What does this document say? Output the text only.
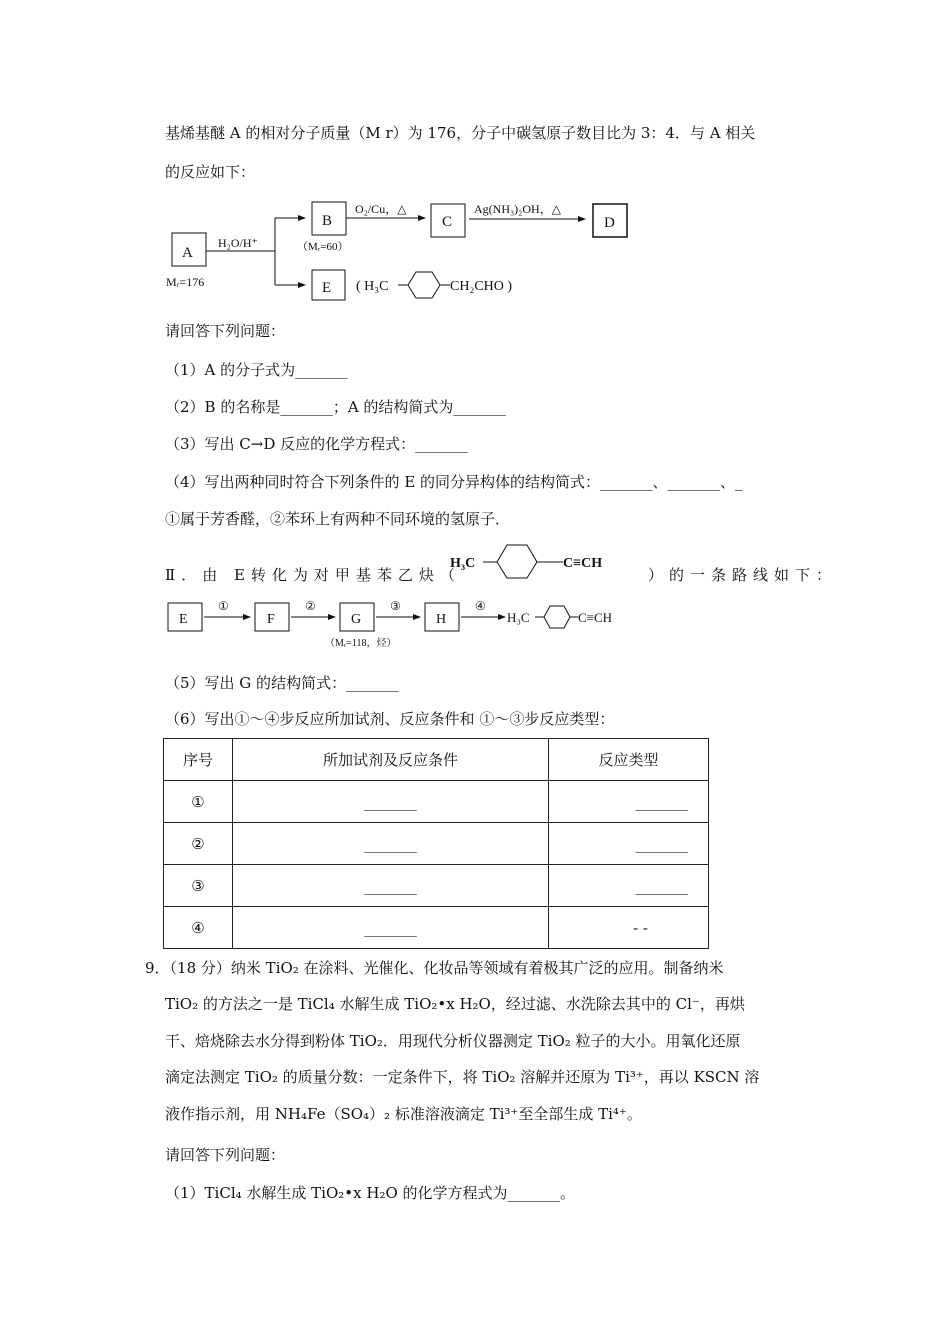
基烯基醚 A 的相对分子质量（M r）为 176，分子中碳氢原子数目比为 3：4．与 A 相关
的反应如下：
A
Mᵣ=176
H₂O/H⁺
B
（Mᵣ=60）
O₂/Cu，△
C
Ag(NH₃)₂OH，△
D
E ( H₃C	CH₂CHO )
请回答下列问题：
（1）A 的分子式为_______
（2）B 的名称是_______；A 的结构简式为_______
（3）写出 C→D 反应的化学方程式：_______
（4）写出两种同时符合下列条件的 E 的同分异构体的结构简式：_______、_______、_
①属于芳香醛，②苯环上有两种不同环境的氢原子．
Ⅱ．由 E转化为对甲基苯乙炔（	）的一条路线如下：
H₃C	C≡CH
E
①
F
②
G
（Mᵣ=118，烃）
③
H
④
H₃C	C≡CH
（5）写出 G 的结构简式：_______
（6）写出①～④步反应所加试剂、反应条件和 ①～③步反应类型：
序号	所加试剂及反应条件	反应类型
①	_______	_______
②	_______	_______
③	_______	_______
④	_______	- -
9．（18 分）纳米 TiO₂ 在涂料、光催化、化妆品等领域有着极其广泛的应用。制备纳米
TiO₂ 的方法之一是 TiCl₄ 水解生成 TiO₂•x H₂O，经过滤、水洗除去其中的 Cl⁻，再烘
干、焙烧除去水分得到粉体 TiO₂．用现代分析仪器测定 TiO₂ 粒子的大小。用氧化还原
滴定法测定 TiO₂ 的质量分数：一定条件下，将 TiO₂ 溶解并还原为 Ti³⁺，再以 KSCN 溶
液作指示剂，用 NH₄Fe（SO₄）₂ 标准溶液滴定 Ti³⁺至全部生成 Ti⁴⁺。
请回答下列问题：
（1）TiCl₄ 水解生成 TiO₂•x H₂O 的化学方程式为_______。
